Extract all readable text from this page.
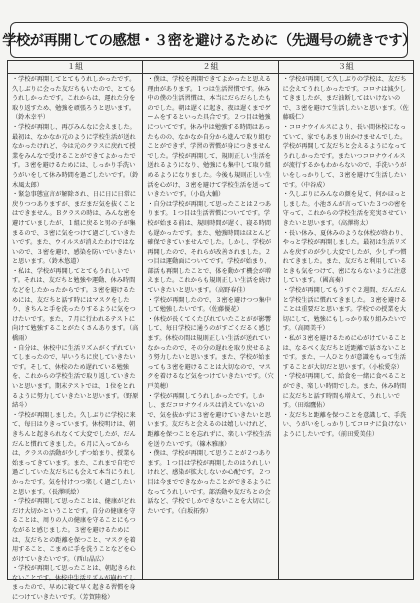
学校が再開しての感想・３密を避けるために（先週号の続きです）
１組

・学校が再開してとてもうれしかったです。久しぶりに会った友だちもいたので、とてもうれしかったです。これからは、運れた分を取り返すため、勉強を頑張ろうと思います。（鈴木幸平）

・学校が再開し、再びみんなに会えました。最初は、なかなか元のように学校生活が送れなかったけれど、今は元のクラスに戻れて授業をみんなで受けることができてよかったです。３密を避けるためには、しっかり手洗いうがいをして休み時間を過ごしたいです。（鈴木風太郎）

・緊急事態宣言が解除され、日に日に日常に戻りつつありますが、まだまだ気を抜くことはできません。Ｂクラスの時は、みんな密を避けていましたが、１組に戻ると男の子が集まるので、３密に気をつけて過ごしていきたいです。また、ウイルスが消えたわけではないので、３密を避け、感染を防いでいきたいと思います。（鈴木悠道）

・私は、学校が再開してとてもうれしいです。それは、友だちと勉強や運動、休み時間などをしたかったからです。３密を避けるためには、友だちと話す時にはマスクをしたり、きちんと手を洗ったりするように気をつけたいです。また、７月に行われるテストに向けて勉強することがたくさんあります。（高橋雨）

・自分は、休校中に生活リズムがくずれていてしまったので、早いうちに戻していきたいです。そして、休校のため遅れている勉強を、これからの学校生活で取り返していきたいと思います。期末テストでは、１位をとれるように努力していきたいと思います。（野原結斗）

・学校が再開しました。久しぶりに学校に来て、毎日はりきっています。休校明けは、朝きちんと起きられなくて大変でしたが、だんだんと慣れてきました。６月に入ってからは、クラスの活動が少しずつ始まり、授業も始まってきています。また、これまで自宅で過ごしていた友だちにも会えて本当にうれしかったです。気を付けつつ楽しく過ごしたいと思います。（長澤咲絵）

・学校が再開して思ったことは、健康がどれだけ大切かということです。自分の健康を守ることは、周りの人の健康を守ることにもつながると感じました。３密を避けるためには、友だちとの距離を保つこと、マスクを着用すること、こまめに手を洗うことなどを心がけていきたいです。（西山晶広）

・学校が再開して思ったことは、朝起きられないことです。休校中生活リズムが崩れてしまったので、早めに寝て早く起きる習慣を身につけていきたいです。（芳賀陸稔）

２組

・僕は、学校を再開できてよかったと思える理由があります。１つは生活習慣です。休み中の僕の生活習慣は、本当にだらだらしたものでした。朝は遅くに起き、夜は遅くまでゲームをするといった具合です。２つ目は勉強についてです。休み中は勉強する時間はあったものの、なかなか自分から進んで取り組むことができず、学習の習慣が身につきませんでした。学校が再開して、規則正しい生活を送れるようになり、勉強にも集中して取り組めるようになりました。今後も規則正しい生活を心がけ、３密を避けて学校生活を送っていきたいです。（小島大輔）

・自分は学校が再開して思ったことは２つあります。１つ目は生活習慣についてです。学校が始まる前は、規則時間が遅く、寝る時間も遅かったです。また、勉強時間はほとんど確保できていませんでした。しかし、学校が再開したので、それらが改善されました。２つ目は運動面についてです。学校が始まり、部活も再開したことで、体を動かす機会が増えました。これからも規則正しい生活を続けていきたいと思います。（高野春佳）

・学校が再開したので、３密を避けつつ集中して勉強したいです。（佐藤優花）

・休校が長くてくたびれていたことがが影響して、毎日学校に通うのがすごくだるく感じます。休校の間は規則正しい生活が送れていなかったので、その分の遅れを取り戻せるよう努力したいと思います。また、学校が始まっても３密を避けることは大切なので、マスクを着けるなど気をつけていきたいです。（穴戸美穂）

・学校が再開してうれしかったです。しかし、まだコロナウイルスは消えていないので、気を抜かずに３密を避けていきたいと思います。友だちと会えるのは嬉しいけれど、距離を保つことを忘れずに、楽しい学校生活を送りたいです。（篠木雅康）

・僕は、学校が再開して思うことが２つあります。１つ目は学校が再開したのはうれしいけれど、感染が拡大しないか心配です。２つ目は今までできなかったことができるようになってうれしいです。部活動や友だちとの会話など、学校でしかできないことを大切にしたいです。（白坂拓弥）

３組

・学校が再開して久しぶりの学校は、友だちに会えてうれしかったです。コロナは減少してきましたが、まだ油断してはいけないので、３密を避けて生活したいと思います。（佐藤暖仁）

・コロナウイルスにより、長い間休校になっていて、家でもあまり出かけませんでした。学校が再開して友だちと会えるようになってうれしかったです。またいつコロナウイルスが流行するかもわからないので、手洗いうがいをしっかりして、３密を避けて生活したいです。（中谷成）

・久しぶりにみんなの顔を見て、何かほっとしました。小池さんが言っていた３つの密を守って、これからの学校生活を充実させていきたいと思います。（高澤将太）

・長い休み、夏休みのような休校が終わり、やっと学校が再開しました。最初は生活リズムを戻すのが少し大変でしたが、少しずつ慣れてきました。また、友だちと利用しているときも気をつけて、密にならないように注意しています。（國高奏）

・学校が再開してもうすぐ２週間、だんだんと学校生活に慣れてきました。３密を避けることは重要だと思います。学校での授業を大切にして、勉強にもしっかり取り組みたいです。（高岡美千）

・私が３密を避けるために心がけていることは、なるべく友だちと近距離で話さないことです。また、一人ひとりが意識をもって生活することが大切だと思います。（小松愛奈）

・学校が再開して、給食を一緒に食べることができ、楽しい時間でした。また、休み時間に友だちと話す時間も増えて、うれしいです。（田端鷹佑）

・友だちと距離を保つことを意識して、手洗い、うがいをしっかりしてコロナに負けないようにしたいです。（前田愛美佳）
